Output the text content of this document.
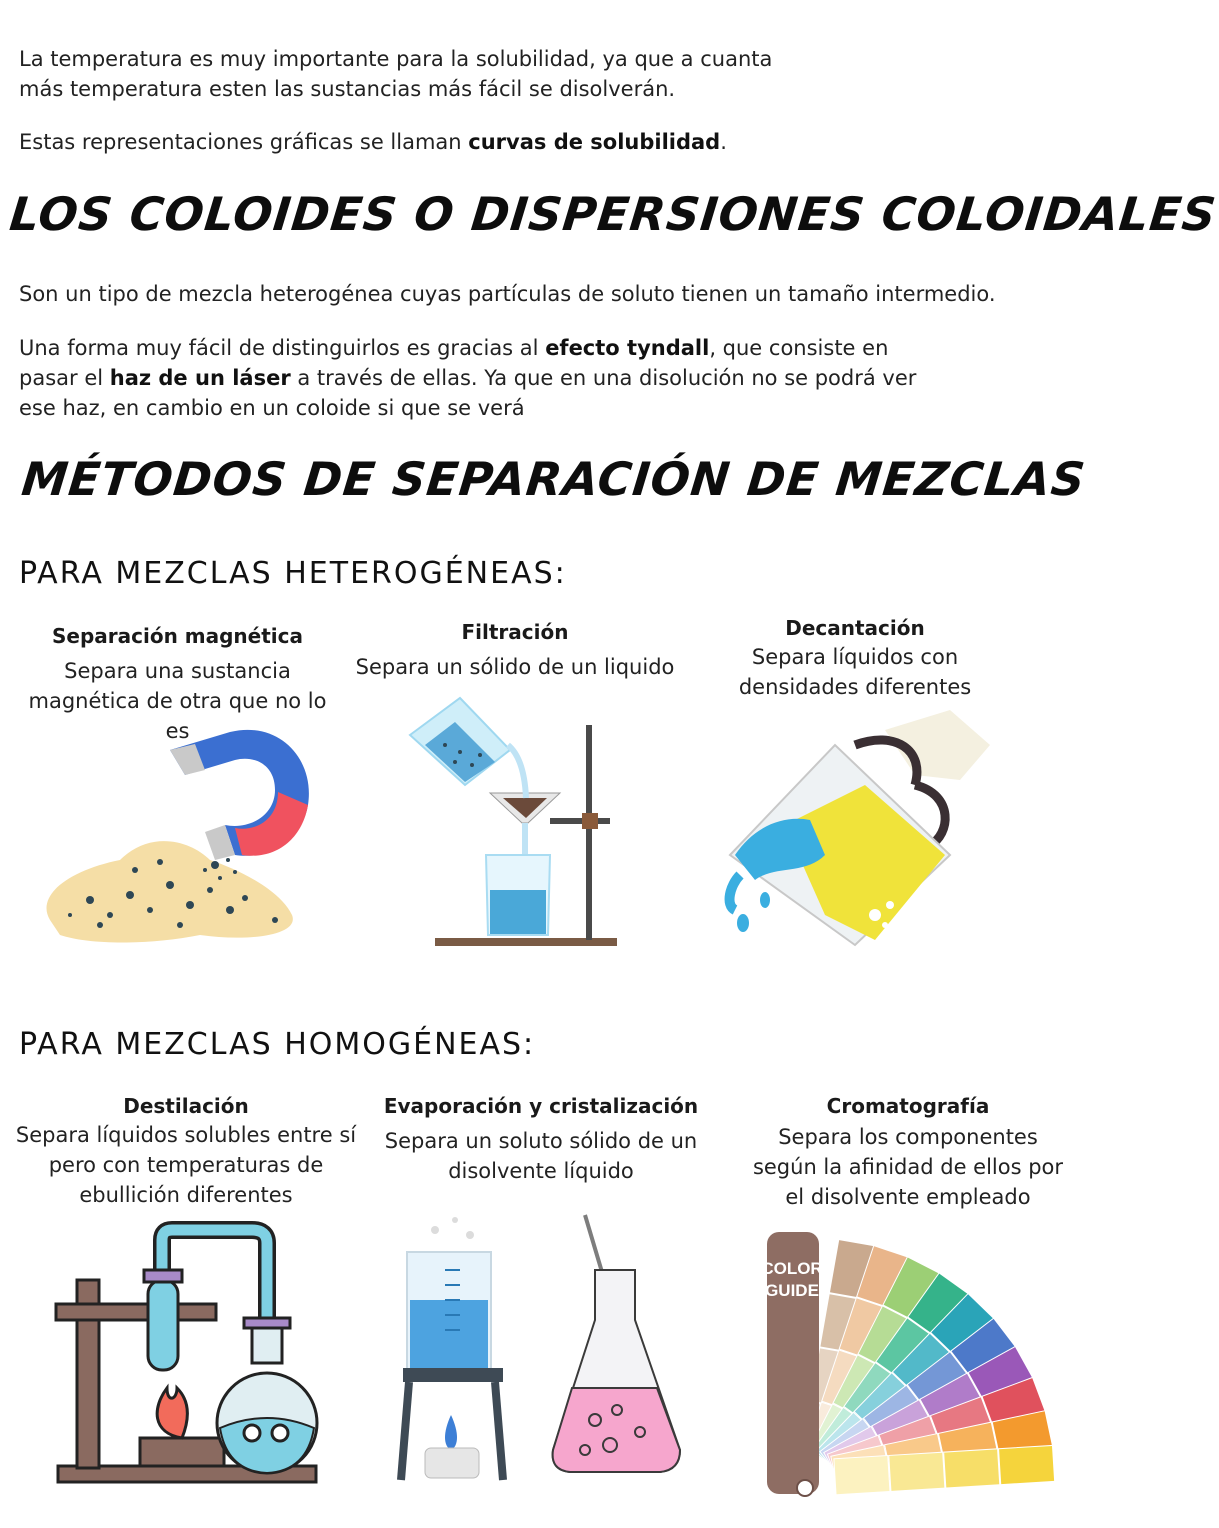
La temperatura es muy importante para la solubilidad, ya que a cuanta más temperatura esten las sustancias más fácil se disolverán.
Estas representaciones gráficas se llaman curvas de solubilidad.
LOS COLOIDES O DISPERSIONES COLOIDALES
Son un tipo de mezcla heterogénea cuyas partículas de soluto tienen un tamaño intermedio.
Una forma muy fácil de distinguirlos es gracias al efecto tyndall, que consiste en pasar el haz de un láser a través de ellas. Ya que en una disolución no se podrá ver ese haz, en cambio en un coloide si que se verá
MÉTODOS DE SEPARACIÓN DE MEZCLAS
PARA MEZCLAS HETEROGÉNEAS:
Separación magnética
Separa una sustancia magnética de otra que no lo es
Filtración
Separa un sólido de un liquido
Decantación
Separa líquidos con densidades diferentes
PARA MEZCLAS HOMOGÉNEAS:
Destilación
Separa líquidos solubles entre sí pero con temperaturas de ebullición diferentes
Evaporación y cristalización
Separa un soluto sólido de un disolvente líquido
Cromatografía
Separa los componentes según la afinidad de ellos por el disolvente empleado
COLOR
GUIDE
